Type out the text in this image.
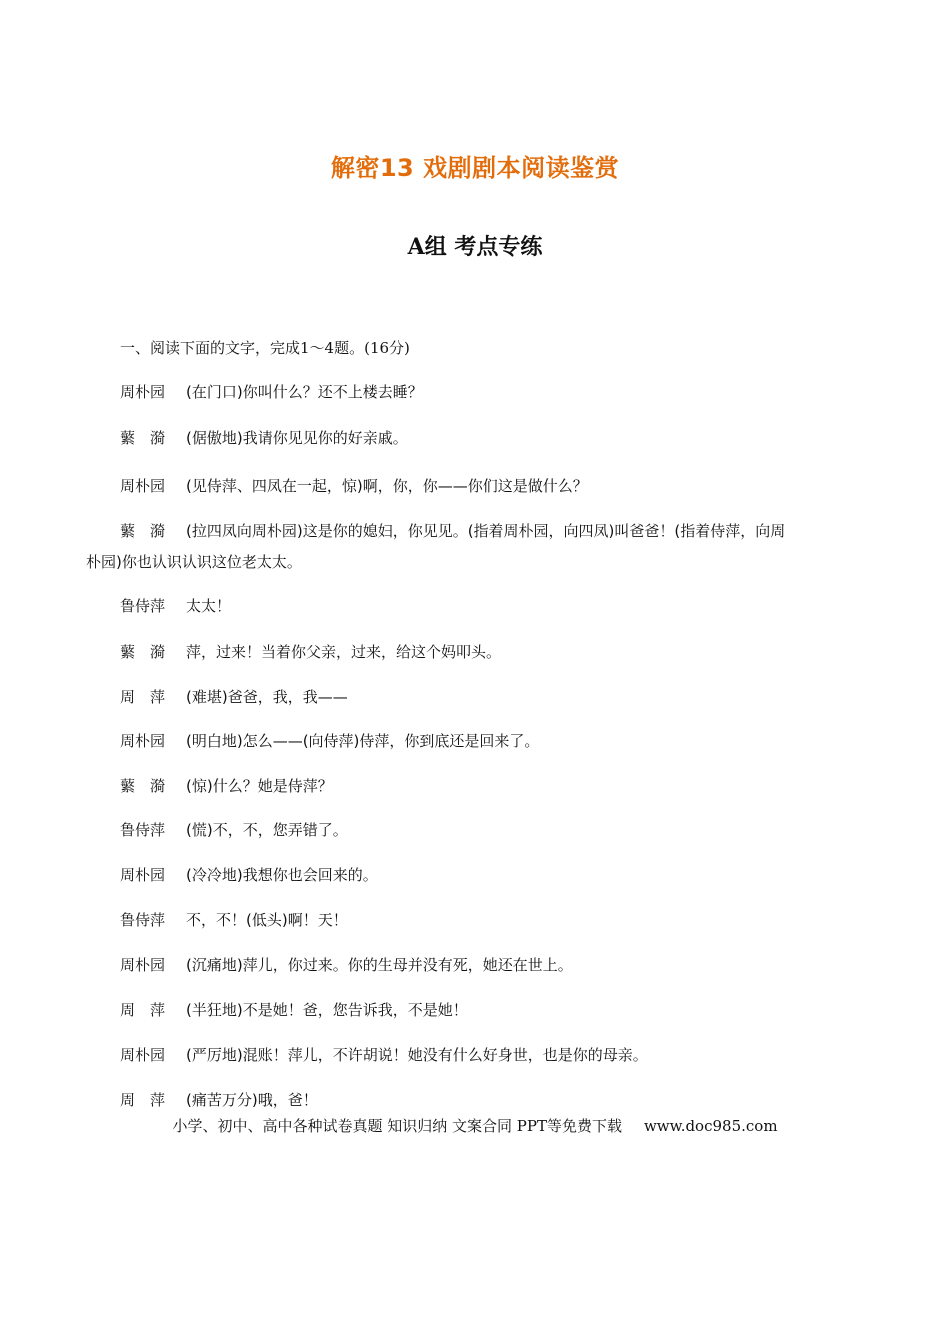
解密13 戏剧剧本阅读鉴赏
A组 考点专练
一、阅读下面的文字，完成1～4题。(16分)
周朴园 (在门口)你叫什么？还不上楼去睡？
蘩　漪 (倨傲地)我请你见见你的好亲戚。
周朴园 (见侍萍、四凤在一起，惊)啊，你，你——你们这是做什么？
蘩　漪 (拉四凤向周朴园)这是你的媳妇，你见见。(指着周朴园，向四凤)叫爸爸！(指着侍萍，向周
朴园)你也认识认识这位老太太。
鲁侍萍 太太！
蘩　漪 萍，过来！当着你父亲，过来，给这个妈叩头。
周　萍 (难堪)爸爸，我，我——
周朴园 (明白地)怎么——(向侍萍)侍萍，你到底还是回来了。
蘩　漪 (惊)什么？她是侍萍？
鲁侍萍 (慌)不，不，您弄错了。
周朴园 (冷冷地)我想你也会回来的。
鲁侍萍 不，不！(低头)啊！天！
周朴园 (沉痛地)萍儿，你过来。你的生母并没有死，她还在世上。
周　萍 (半狂地)不是她！爸，您告诉我，不是她！
周朴园 (严厉地)混账！萍儿，不许胡说！她没有什么好身世，也是你的母亲。
周　萍 (痛苦万分)哦，爸！
小学、初中、高中各种试卷真题 知识归纳 文案合同 PPT等免费下载 www.doc985.com
